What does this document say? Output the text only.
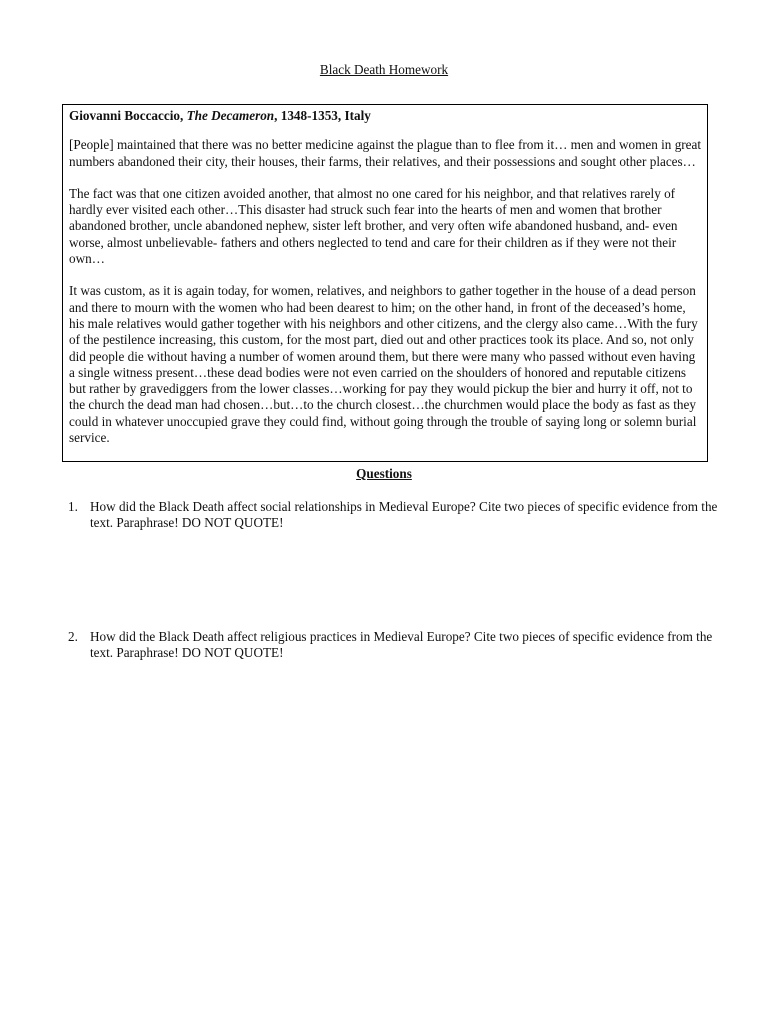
Black Death Homework

Giovanni Boccaccio, The Decameron, 1348-1353, Italy

[People] maintained that there was no better medicine against the plague than to flee from it… men and women in great numbers abandoned their city, their houses, their farms, their relatives, and their possessions and sought other places…

The fact was that one citizen avoided another, that almost no one cared for his neighbor, and that relatives rarely of hardly ever visited each other…This disaster had struck such fear into the hearts of men and women that brother abandoned brother, uncle abandoned nephew, sister left brother, and very often wife abandoned husband, and- even worse, almost unbelievable- fathers and others neglected to tend and care for their children as if they were not their own…

It was custom, as it is again today, for women, relatives, and neighbors to gather together in the house of a dead person and there to mourn with the women who had been dearest to him; on the other hand, in front of the deceased’s home, his male relatives would gather together with his neighbors and other citizens, and the clergy also came…With the fury of the pestilence increasing, this custom, for the most part, died out and other practices took its place. And so, not only did people die without having a number of women around them, but there were many who passed without even having a single witness present…these dead bodies were not even carried on the shoulders of honored and reputable citizens but rather by gravediggers from the lower classes…working for pay they would pickup the bier and hurry it off, not to the church the dead man had chosen…but…to the church closest…the churchmen would place the body as fast as they could in whatever unoccupied grave they could find, without going through the trouble of saying long or solemn burial service.

Questions
1. How did the Black Death affect social relationships in Medieval Europe? Cite two pieces of specific evidence from the text. Paraphrase! DO NOT QUOTE!
2. How did the Black Death affect religious practices in Medieval Europe? Cite two pieces of specific evidence from the text. Paraphrase! DO NOT QUOTE!
